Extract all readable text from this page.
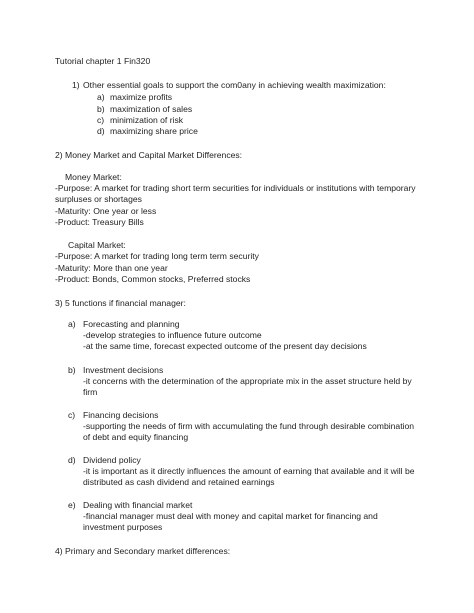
Tutorial chapter 1 Fin320
1) Other essential goals to support the com0any in achieving wealth maximization:
a) maximize profits
b) maximization of sales
c) minimization of risk
d) maximizing share price
2) Money Market and Capital Market Differences:
Money Market:
-Purpose: A market for trading short term securities for individuals or institutions with temporary
surpluses or shortages
-Maturity: One year or less
-Product: Treasury Bills
Capital Market:
-Purpose: A market for trading long term term security
-Maturity: More than one year
-Product: Bonds, Common stocks, Preferred stocks
3) 5 functions if financial manager:
a) Forecasting and planning
-develop strategies to influence future outcome
-at the same time, forecast expected outcome of the present day decisions
b) Investment decisions
-it concerns with the determination of the appropriate mix in the asset structure held by
firm
c) Financing decisions
-supporting the needs of firm with accumulating the fund through desirable combination
of debt and equity financing
d) Dividend policy
-it is important as it directly influences the amount of earning that available and it will be
distributed as cash dividend and retained earnings
e) Dealing with financial market
-financial manager must deal with money and capital market for financing and
investment purposes
4) Primary and Secondary market differences:
